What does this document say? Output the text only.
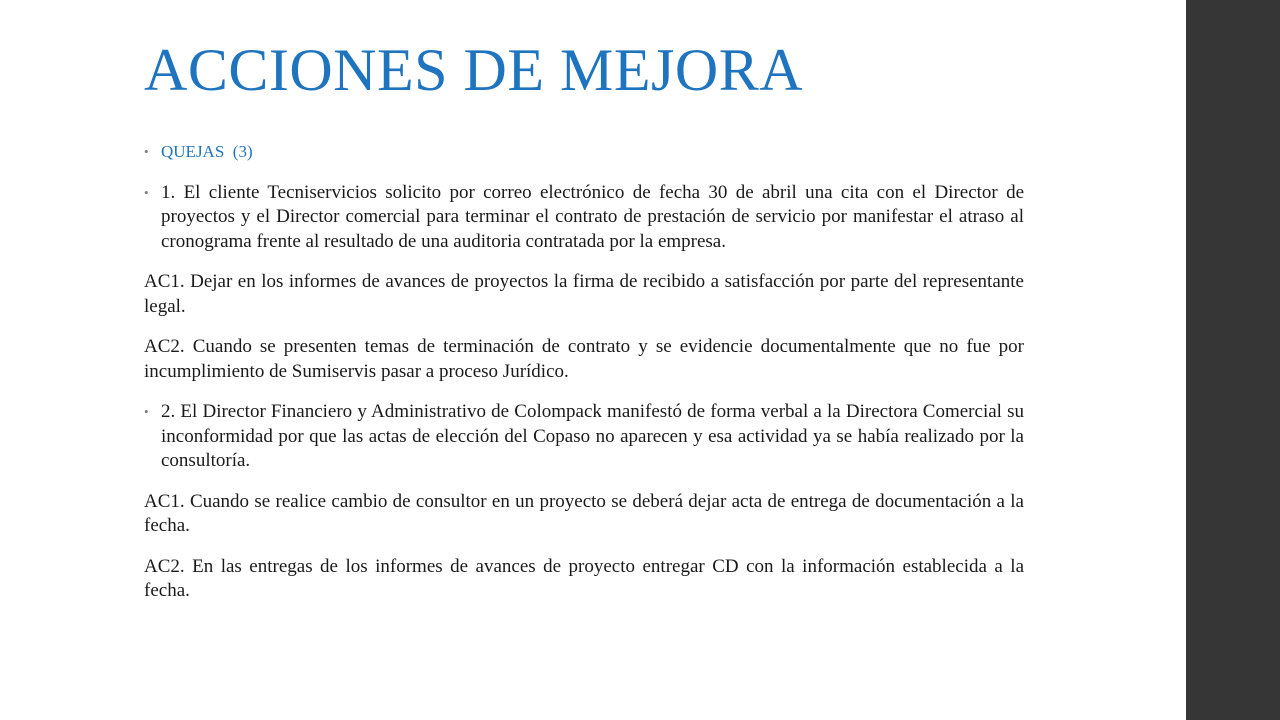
ACCIONES DE MEJORA
• QUEJAS  (3)
• 1. El cliente Tecniservicios solicito por correo electrónico de fecha 30 de abril una cita con el Director de proyectos y el Director comercial para terminar el contrato de prestación de servicio por manifestar el atraso al cronograma frente al resultado de una auditoria contratada por la empresa.

AC1. Dejar en los informes de avances de proyectos la firma de recibido a satisfacción por parte del representante legal.

AC2. Cuando se presenten temas de terminación de contrato y se evidencie documentalmente que no fue por incumplimiento de Sumiservis pasar a proceso Jurídico.

• 2. El Director Financiero y Administrativo de Colompack manifestó de forma verbal a la Directora Comercial su inconformidad por que las actas de elección del Copaso no aparecen y esa actividad ya se había realizado por la consultoría.

AC1. Cuando se realice cambio de consultor en un proyecto se deberá dejar acta de entrega de documentación a la fecha.

AC2. En las entregas de los informes de avances de proyecto entregar CD con la información establecida a la fecha.
